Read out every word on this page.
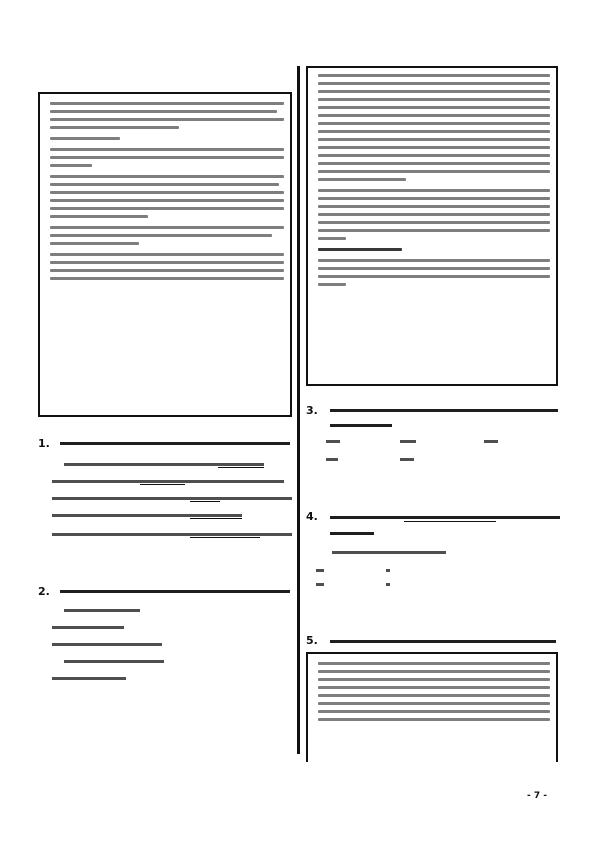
1.
2.
3.
4.
5.
- 7 -
